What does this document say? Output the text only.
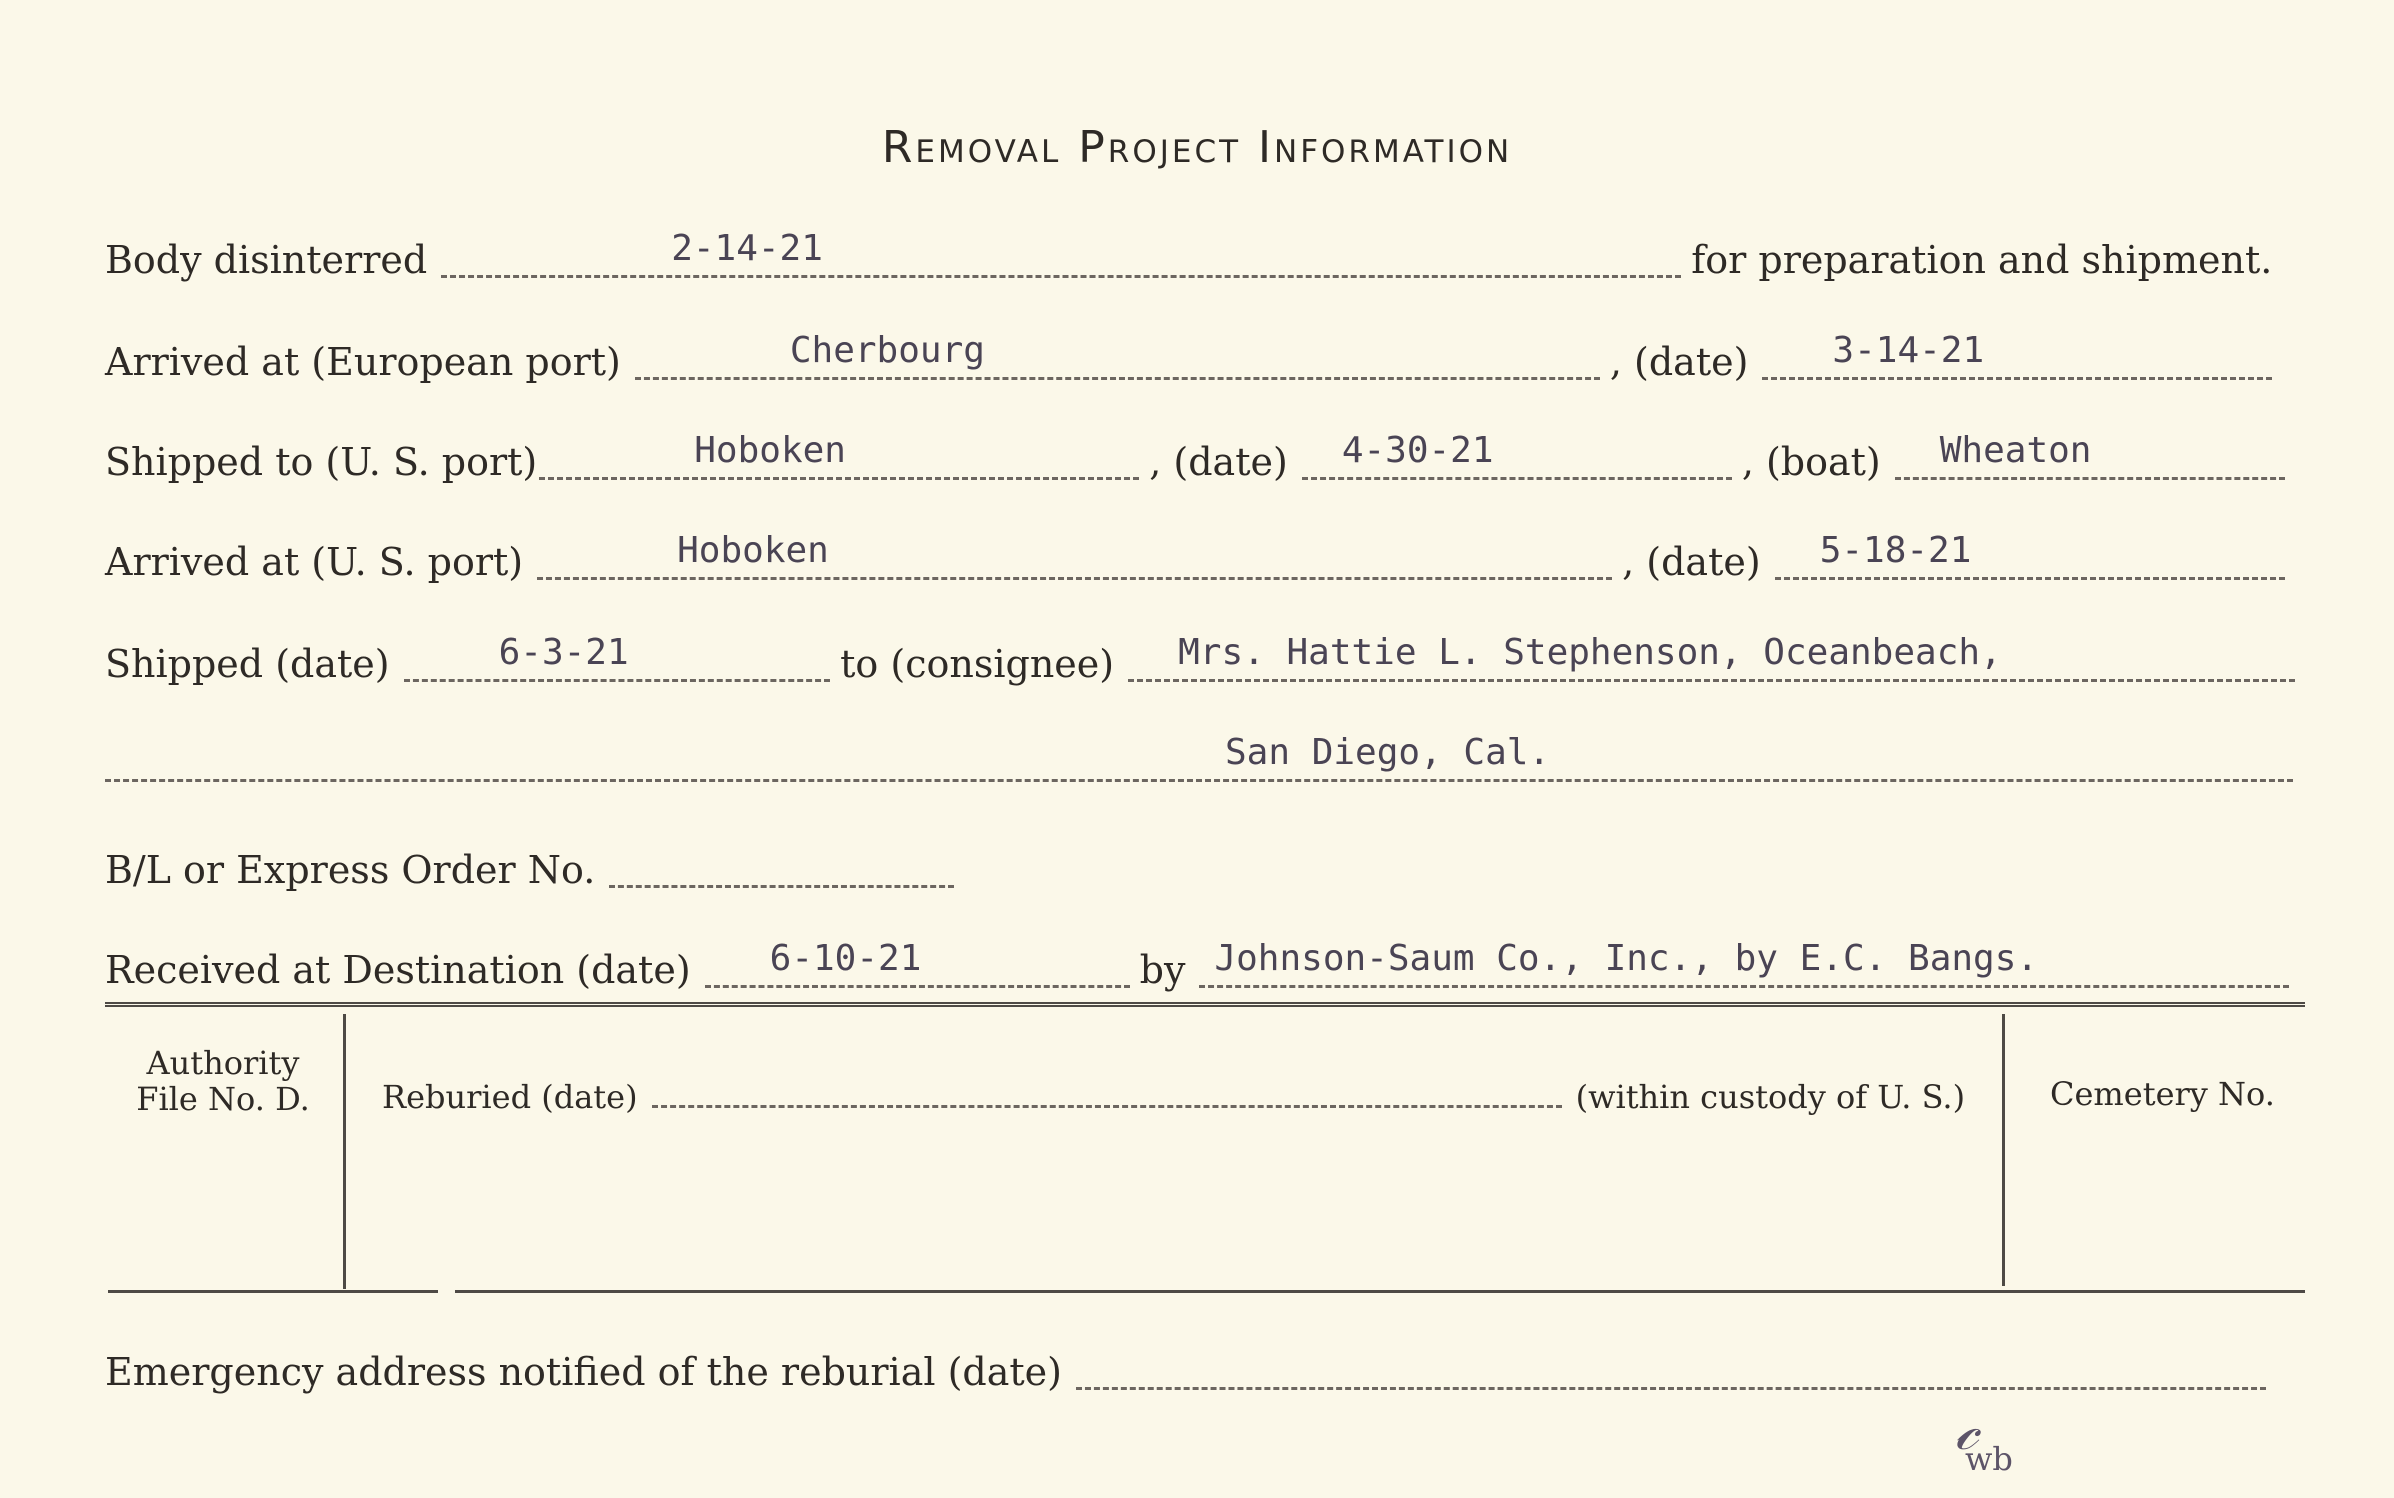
Removal Project Information
Body disinterred	2-14-21	for preparation and shipment.
Arrived at (European port)	Cherbourg	, (date) 3-14-21
Shipped to (U. S. port)	Hoboken	, (date) 4-30-21	, (boat) Wheaton
Arrived at (U. S. port)	Hoboken	, (date) 5-18-21
Shipped (date)	6-3-21	to (consignee) Mrs. Hattie L. Stephenson, Oceanbeach,
San Diego, Cal.
B/L or Express Order No.
Received at Destination (date) 6-10-21	by Johnson-Saum Co., Inc., by E.C. Bangs.
Authority
File No. D.	Reburied (date)	(within custody of U. S.)	Cemetery No.
Emergency address notified of the reburial (date)
𝒸
wb
